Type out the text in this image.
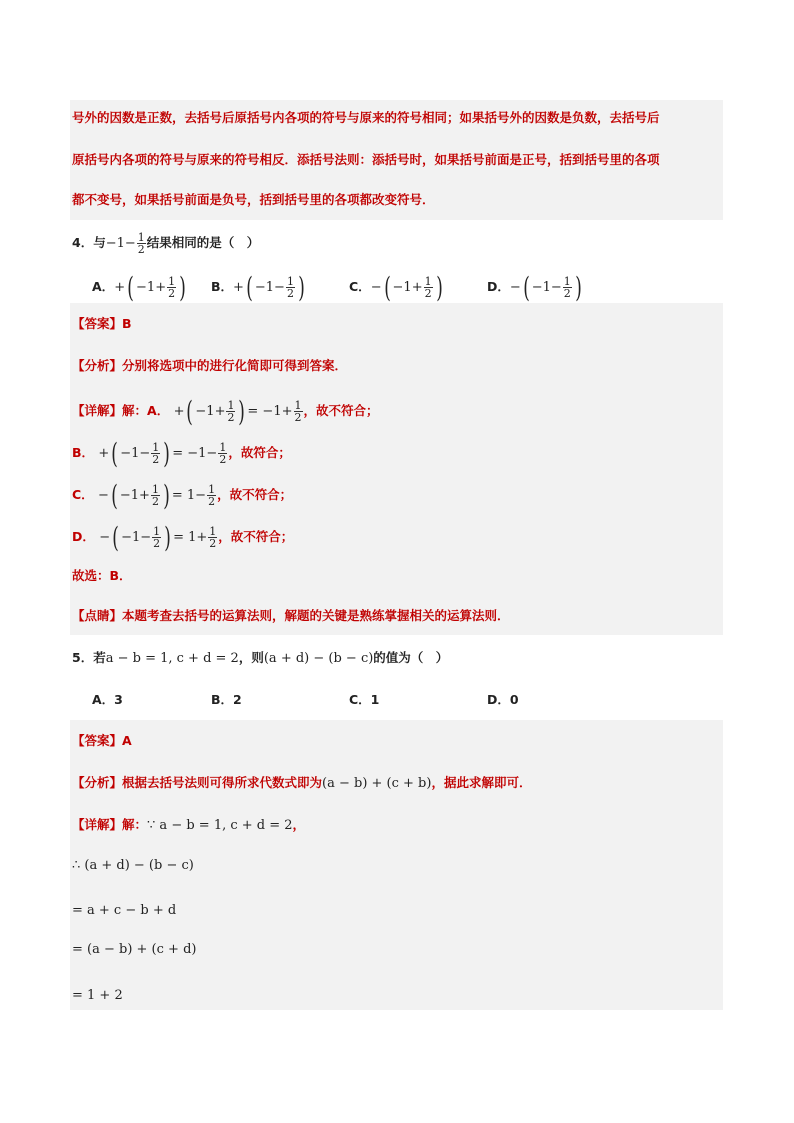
号外的因数是正数，去括号后原括号内各项的符号与原来的符号相同；如果括号外的因数是负数，去括号后
原括号内各项的符号与原来的符号相反．添括号法则：添括号时，如果括号前面是正号，括到括号里的各项
都不变号，如果括号前面是负号，括到括号里的各项都改变符号．
4．与$-1- \frac{1}{2}$ 结果相同的是（　）
A．+( $-1+ \frac{1}{2}$ ) B．+( $-1- \frac{1}{2}$ )	C．−( $-1+ \frac{1}{2}$ )	D．−( $-1- \frac{1}{2}$ )
【答案】B
【分析】分别将选项中的进行化简即可得到答案．
【详解】解：A． +( $-1+ \frac{1}{2}$ ) = $-1+ \frac{1}{2}$ ，故不符合；
B． +( $-1- \frac{1}{2}$ ) = $-1- \frac{1}{2}$ ，故符合；
C． −( $-1+ \frac{1}{2}$ ) = $1- \frac{1}{2}$ ，故不符合；
D． −( $-1- \frac{1}{2}$ ) = $1+ \frac{1}{2}$ ，故不符合；
故选：B．
【点睛】本题考查去括号的运算法则，解题的关键是熟练掌握相关的运算法则．
5．若a − b = 1, c + d = 2，则(a + d) − (b − c)的值为（　）
A．3	B．2	C．1	D．0
【答案】A
【分析】根据去括号法则可得所求代数式即为(a − b) + (c + b)，据此求解即可．
【详解】解：∵ a − b = 1, c + d = 2，
∴ (a + d) − (b − c)
= a + c − b + d
= (a − b) + (c + d)
= 1 + 2
